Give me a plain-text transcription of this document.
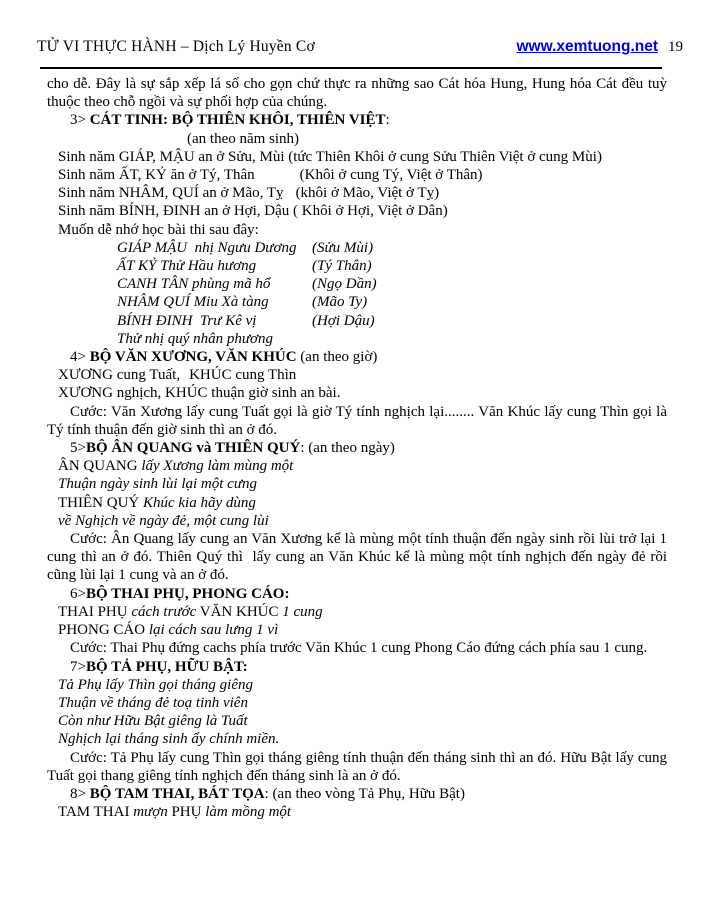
TỬ VI THỰC HÀNH – Dịch Lý Huyền Cơ	www.xemtuong.net 19

cho dễ. Đây là sự sắp xếp lá số cho gọn chứ thực ra những sao Cát hóa Hung, Hung hóa Cát đều tuỳ thuộc theo chỗ ngồi và sự phối hợp của chúng.

3> CÁT TINH: BỘ THIÊN KHÔI, THIÊN VIỆT:
(an theo năm sinh)
Sinh năm GIÁP, MẬU an ở Sửu, Mùi (tức Thiên Khôi ở cung Sửu Thiên Việt ở cung Mùi)
Sinh năm ẤT, KỶ ăn ở Tý, Thân	(Khôi ở cung Tý, Việt ở Thân)
Sinh năm NHÂM, QUÍ an ở Mão, Tỵ (khôi ở Mão, Việt ở Tỵ)
Sinh năm BÍNH, ĐINH an ở Hợi, Dậu ( Khôi ở Hợi, Việt ở Dân)
Muốn dễ nhớ học bài thi sau đây:
GIÁP MẬU  nhị Ngưu Dương (Sửu Mùi)
ẤT KỶ Thử Hầu hương	(Tý Thân)
CANH TÂN phùng mã hổ	(Ngọ Dần)
NHÂM QUÍ Miu Xà tàng	(Mão Ty)
BÍNH ĐINH  Trư Kê vị	(Hợi Dậu)
Thử nhị quý nhân phương
4> BỘ VĂN XƯƠNG, VĂN KHÚC (an theo giờ)
XƯƠNG cung Tuất, KHÚC cung Thìn
XƯƠNG nghịch, KHÚC thuận giờ sinh an bài.

Cước: Văn Xương lấy cung Tuất gọi là giờ Tý tính nghịch lại........ Văn Khúc lấy cung Thìn gọi là Tý tính thuận đến giờ sinh thì an ở đó.

5>BỘ ÂN QUANG và THIÊN QUÝ: (an theo ngày)
ÂN QUANG lấy Xương làm mùng một
Thuận ngày sinh lùi lại một cưng
THIÊN QUÝ Khúc kia hãy dùng
về Nghịch về ngày đẻ, một cung lùi

Cước: Ân Quang lấy cung an Văn Xương kể là mùng một tính thuận đến ngày sinh rồi lùi trở lại 1 cung thì an ở đó. Thiên Quý thì  lấy cung an Văn Khúc kể là mùng một tính nghịch đến ngày đẻ rồi cũng lùi lại 1 cung và an ở đó.

6>BỘ THAI PHỤ, PHONG CÁO:
THAI PHỤ cách trước VĂN KHÚC 1 cung
PHONG CÁO lại cách sau lưng 1 vì

Cước: Thai Phụ đứng cachs phía trước Văn Khúc 1 cung Phong Cáo đứng cách phía sau 1 cung.

7>BỘ TẢ PHỤ, HỮU BẬT:
Tả Phụ lấy Thìn gọi tháng giêng
Thuận về tháng đẻ toạ tinh viên
Còn như Hữu Bật giêng là Tuất
Nghịch lại tháng sinh ấy chính miền.

Cước: Tả Phụ lấy cung Thìn gọi tháng giêng tính thuận đến tháng sinh thì an đó. Hữu Bật lấy cung Tuất gọi thang giêng tính nghịch đến tháng sinh là an ở đó.

8> BỘ TAM THAI, BÁT TỌA: (an theo vòng Tả Phụ, Hữu Bật)
TAM THAI mượn PHỤ làm mồng một
